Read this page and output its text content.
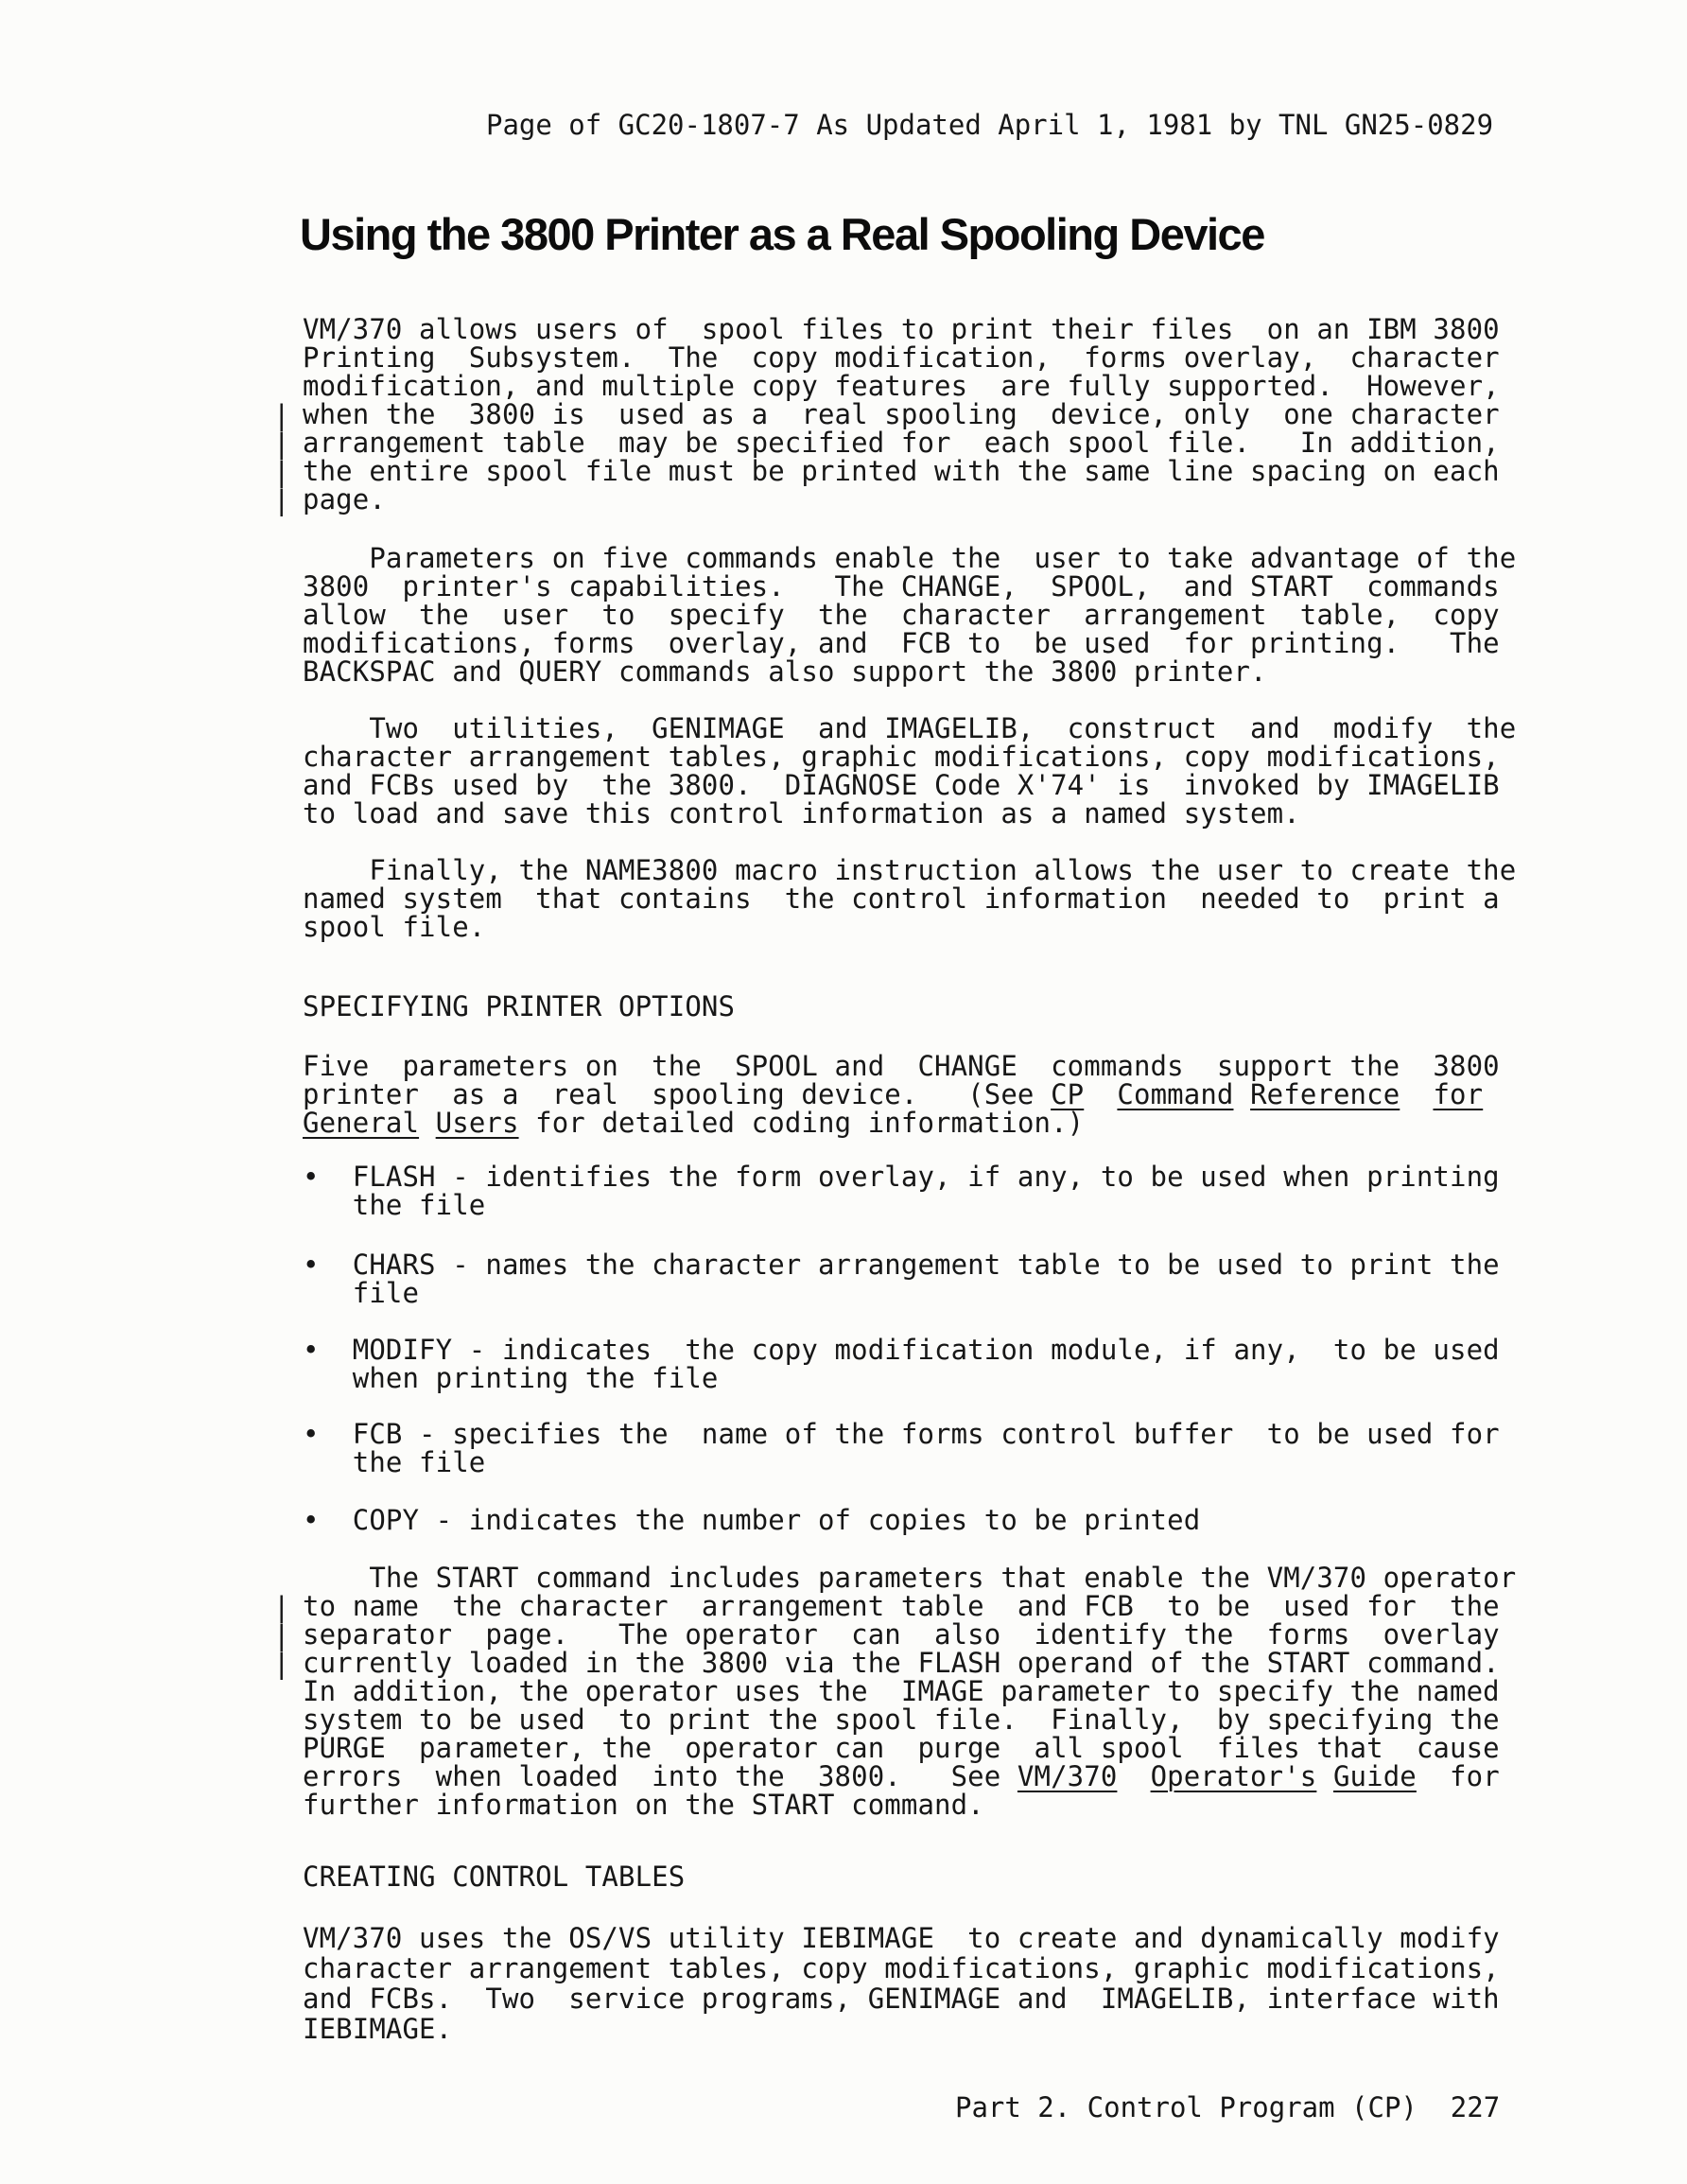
Page of GC20-1807-7 As Updated April 1, 1981 by TNL GN25-0829
Using the 3800 Printer as a Real Spooling Device
VM/370 allows users of  spool files to print their files  on an IBM 3800
Printing  Subsystem.  The  copy modification,  forms overlay,  character
modification, and multiple copy features  are fully supported.  However,
| when the  3800 is  used as a  real spooling  device, only  one character
| arrangement table  may be specified for  each spool file.   In addition,
| the entire spool file must be printed with the same line spacing on each
| page.
Parameters on five commands enable the  user to take advantage of the
3800  printer's capabilities.   The CHANGE,  SPOOL,  and START  commands
allow  the  user  to  specify  the  character  arrangement  table,  copy
modifications, forms  overlay, and  FCB to  be used  for printing.   The
BACKSPAC and QUERY commands also support the 3800 printer.
Two  utilities,  GENIMAGE  and IMAGELIB,  construct  and  modify  the
character arrangement tables, graphic modifications, copy modifications,
and FCBs used by  the 3800.  DIAGNOSE Code X'74' is  invoked by IMAGELIB
to load and save this control information as a named system.
Finally, the NAME3800 macro instruction allows the user to create the
named system  that contains  the control information  needed to  print a
spool file.
SPECIFYING PRINTER OPTIONS
Five  parameters on  the  SPOOL and  CHANGE  commands  support the  3800
printer  as a  real  spooling device.   (See CP Command Reference for
General Users for detailed coding information.)
•  FLASH - identifies the form overlay, if any, to be used when printing
the file
•  CHARS - names the character arrangement table to be used to print the
file
•  MODIFY - indicates  the copy modification module, if any,  to be used
when printing the file
•  FCB - specifies the  name of the forms control buffer  to be used for
the file
•  COPY - indicates the number of copies to be printed
The START command includes parameters that enable the VM/370 operator
| to name  the character  arrangement table  and FCB  to be  used for  the
| separator  page.   The operator  can  also  identify the  forms  overlay
| currently loaded in the 3800 via the FLASH operand of the START command.
In addition, the operator uses the  IMAGE parameter to specify the named
system to be used  to print the spool file.  Finally,  by specifying the
PURGE  parameter, the  operator can  purge  all spool  files that  cause
errors  when loaded  into the  3800.   See VM/370 Operator's Guide  for
further information on the START command.
CREATING CONTROL TABLES
VM/370 uses the OS/VS utility IEBIMAGE  to create and dynamically modify
character arrangement tables, copy modifications, graphic modifications,
and FCBs.  Two  service programs, GENIMAGE and  IMAGELIB, interface with
IEBIMAGE.
Part 2. Control Program (CP)  227
